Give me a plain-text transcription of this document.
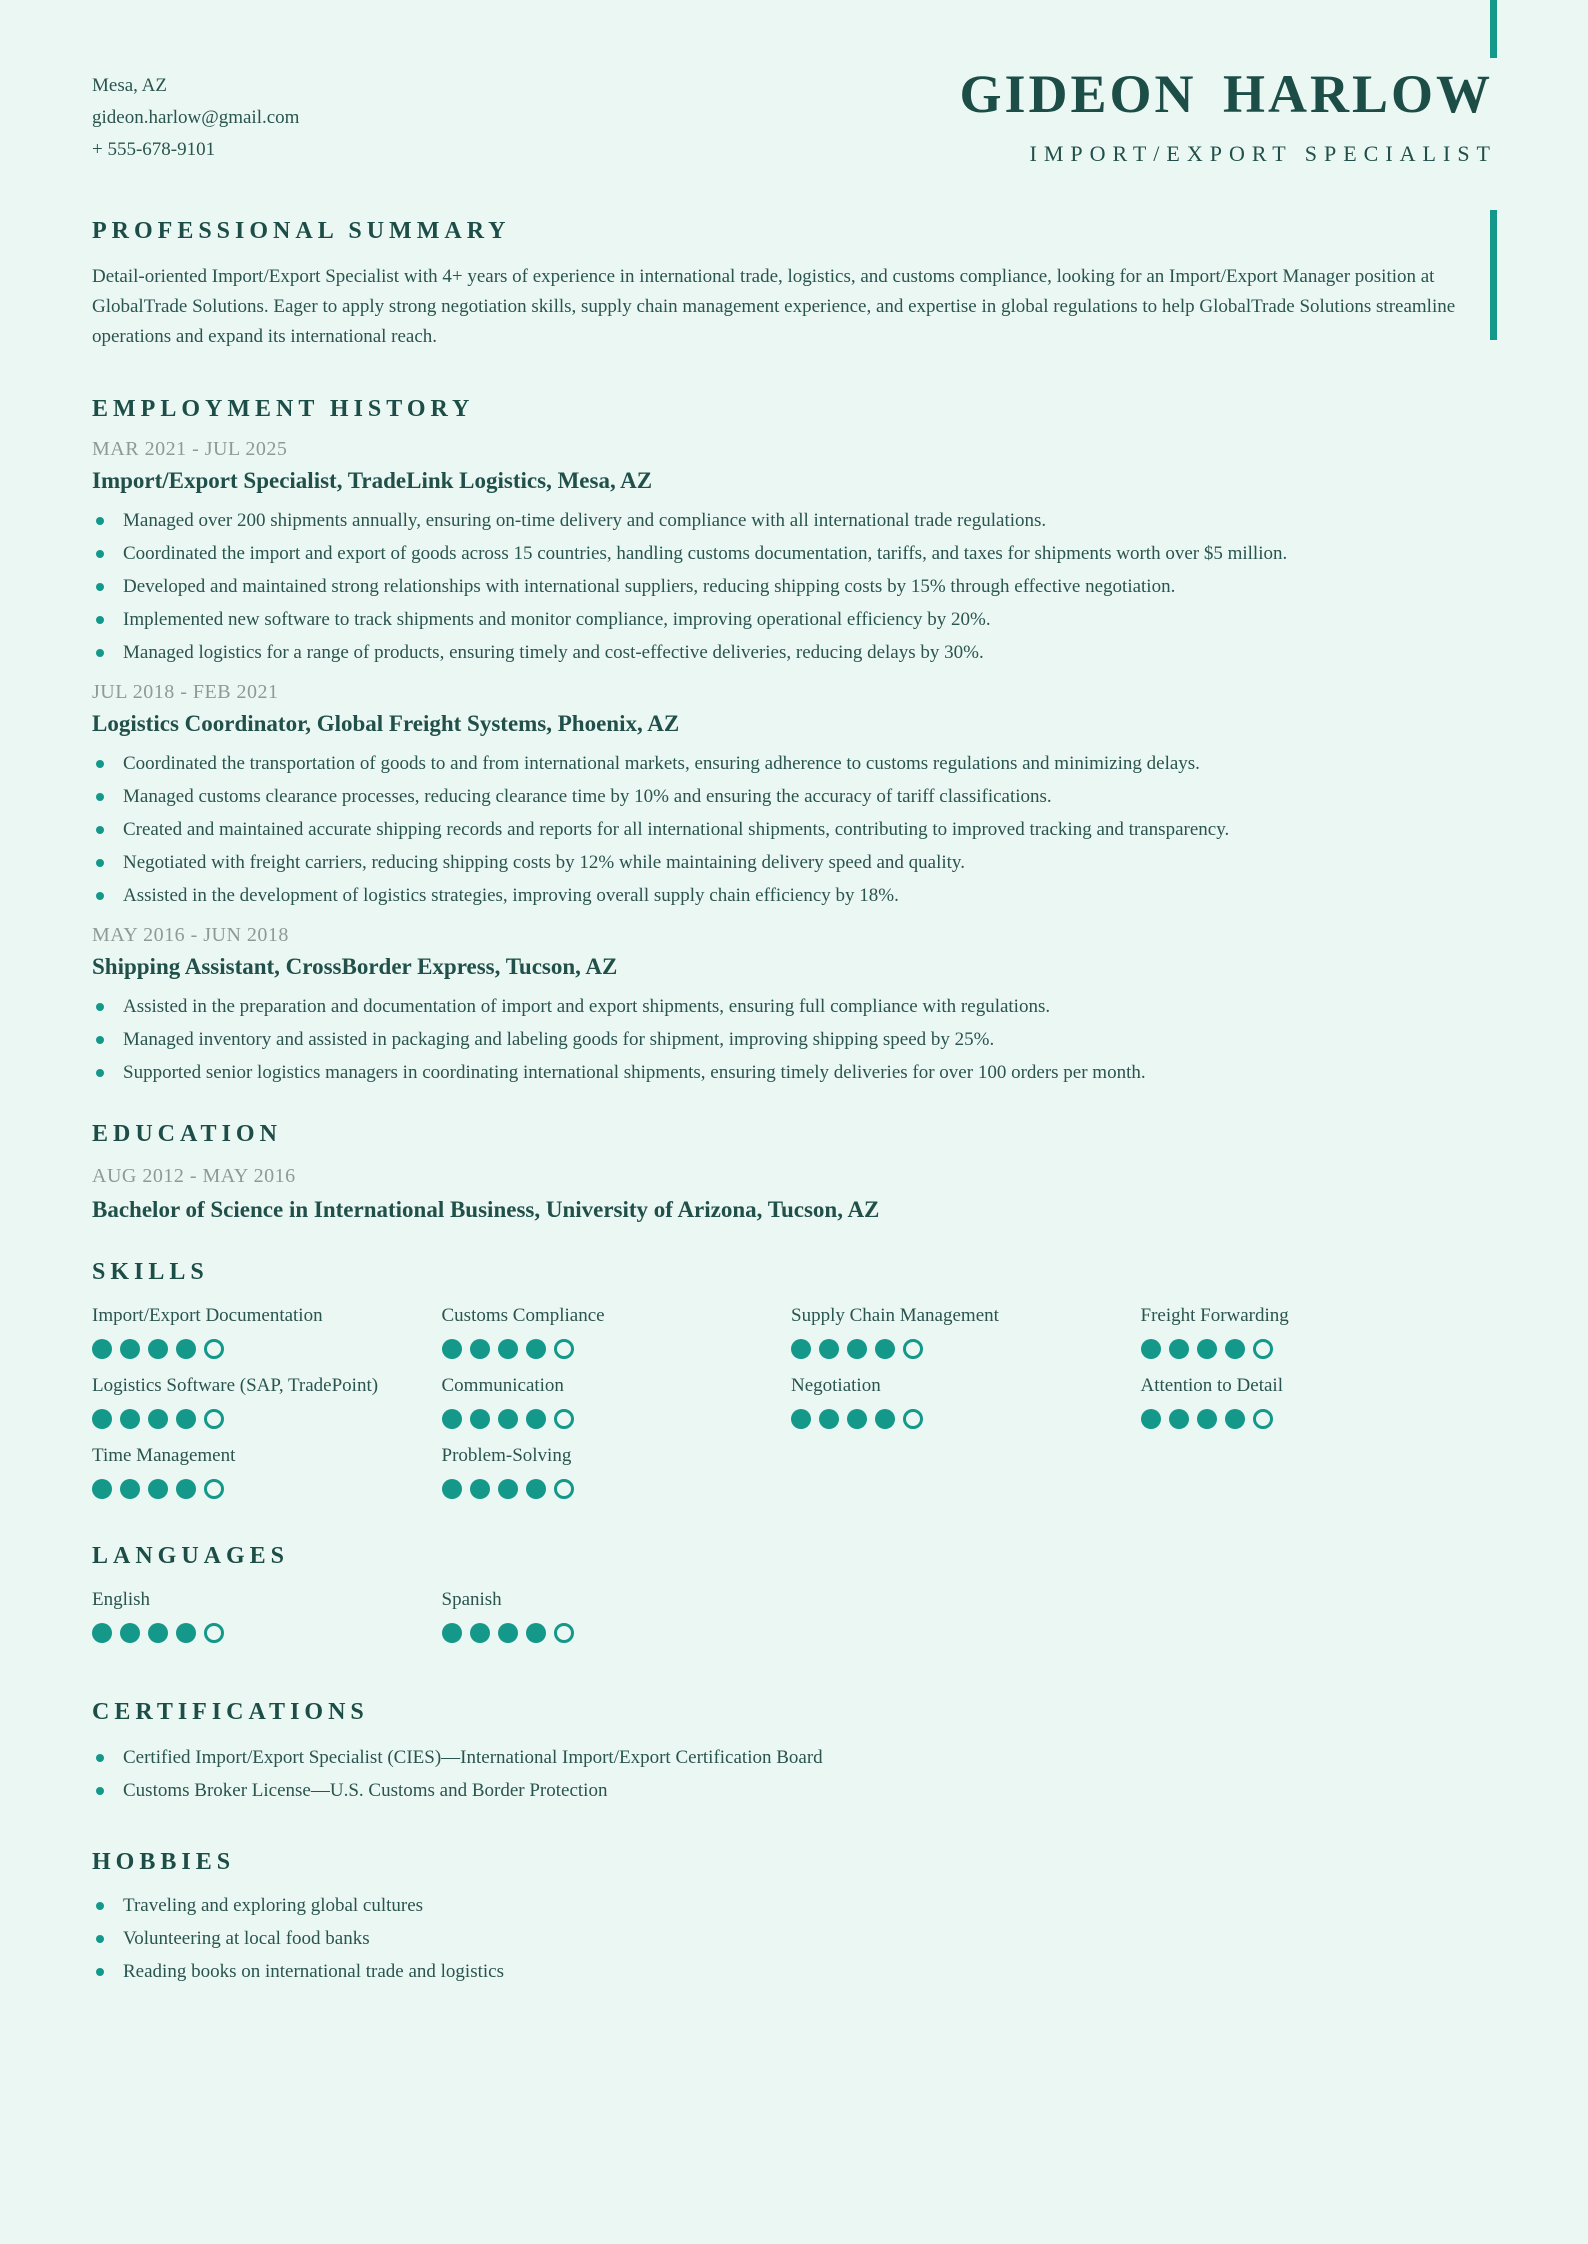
Mesa, AZ
gideon.harlow@gmail.com
+ 555-678-9101
GIDEON HARLOW
IMPORT/EXPORT SPECIALIST
PROFESSIONAL SUMMARY

Detail-oriented Import/Export Specialist with 4+ years of experience in international trade, logistics, and customs compliance, looking for an Import/Export Manager position at GlobalTrade Solutions. Eager to apply strong negotiation skills, supply chain management experience, and expertise in global regulations to help GlobalTrade Solutions streamline operations and expand its international reach.

EMPLOYMENT HISTORY
MAR 2021 - JUL 2025
Import/Export Specialist, TradeLink Logistics, Mesa, AZ
Managed over 200 shipments annually, ensuring on-time delivery and compliance with all international trade regulations.
Coordinated the import and export of goods across 15 countries, handling customs documentation, tariffs, and taxes for shipments worth over $5 million.
Developed and maintained strong relationships with international suppliers, reducing shipping costs by 15% through effective negotiation.
Implemented new software to track shipments and monitor compliance, improving operational efficiency by 20%.
Managed logistics for a range of products, ensuring timely and cost-effective deliveries, reducing delays by 30%.
JUL 2018 - FEB 2021
Logistics Coordinator, Global Freight Systems, Phoenix, AZ
Coordinated the transportation of goods to and from international markets, ensuring adherence to customs regulations and minimizing delays.
Managed customs clearance processes, reducing clearance time by 10% and ensuring the accuracy of tariff classifications.
Created and maintained accurate shipping records and reports for all international shipments, contributing to improved tracking and transparency.
Negotiated with freight carriers, reducing shipping costs by 12% while maintaining delivery speed and quality.
Assisted in the development of logistics strategies, improving overall supply chain efficiency by 18%.
MAY 2016 - JUN 2018
Shipping Assistant, CrossBorder Express, Tucson, AZ
Assisted in the preparation and documentation of import and export shipments, ensuring full compliance with regulations.
Managed inventory and assisted in packaging and labeling goods for shipment, improving shipping speed by 25%.
Supported senior logistics managers in coordinating international shipments, ensuring timely deliveries for over 100 orders per month.
EDUCATION
AUG 2012 - MAY 2016
Bachelor of Science in International Business, University of Arizona, Tucson, AZ
SKILLS
Import/Export Documentation	Customs Compliance	Supply Chain Management	Freight Forwarding
Logistics Software (SAP, TradePoint)	Communication	Negotiation	Attention to Detail
Time Management	Problem-Solving
LANGUAGES
English	Spanish
CERTIFICATIONS
Certified Import/Export Specialist (CIES)—International Import/Export Certification Board
Customs Broker License—U.S. Customs and Border Protection
HOBBIES
Traveling and exploring global cultures
Volunteering at local food banks
Reading books on international trade and logistics
